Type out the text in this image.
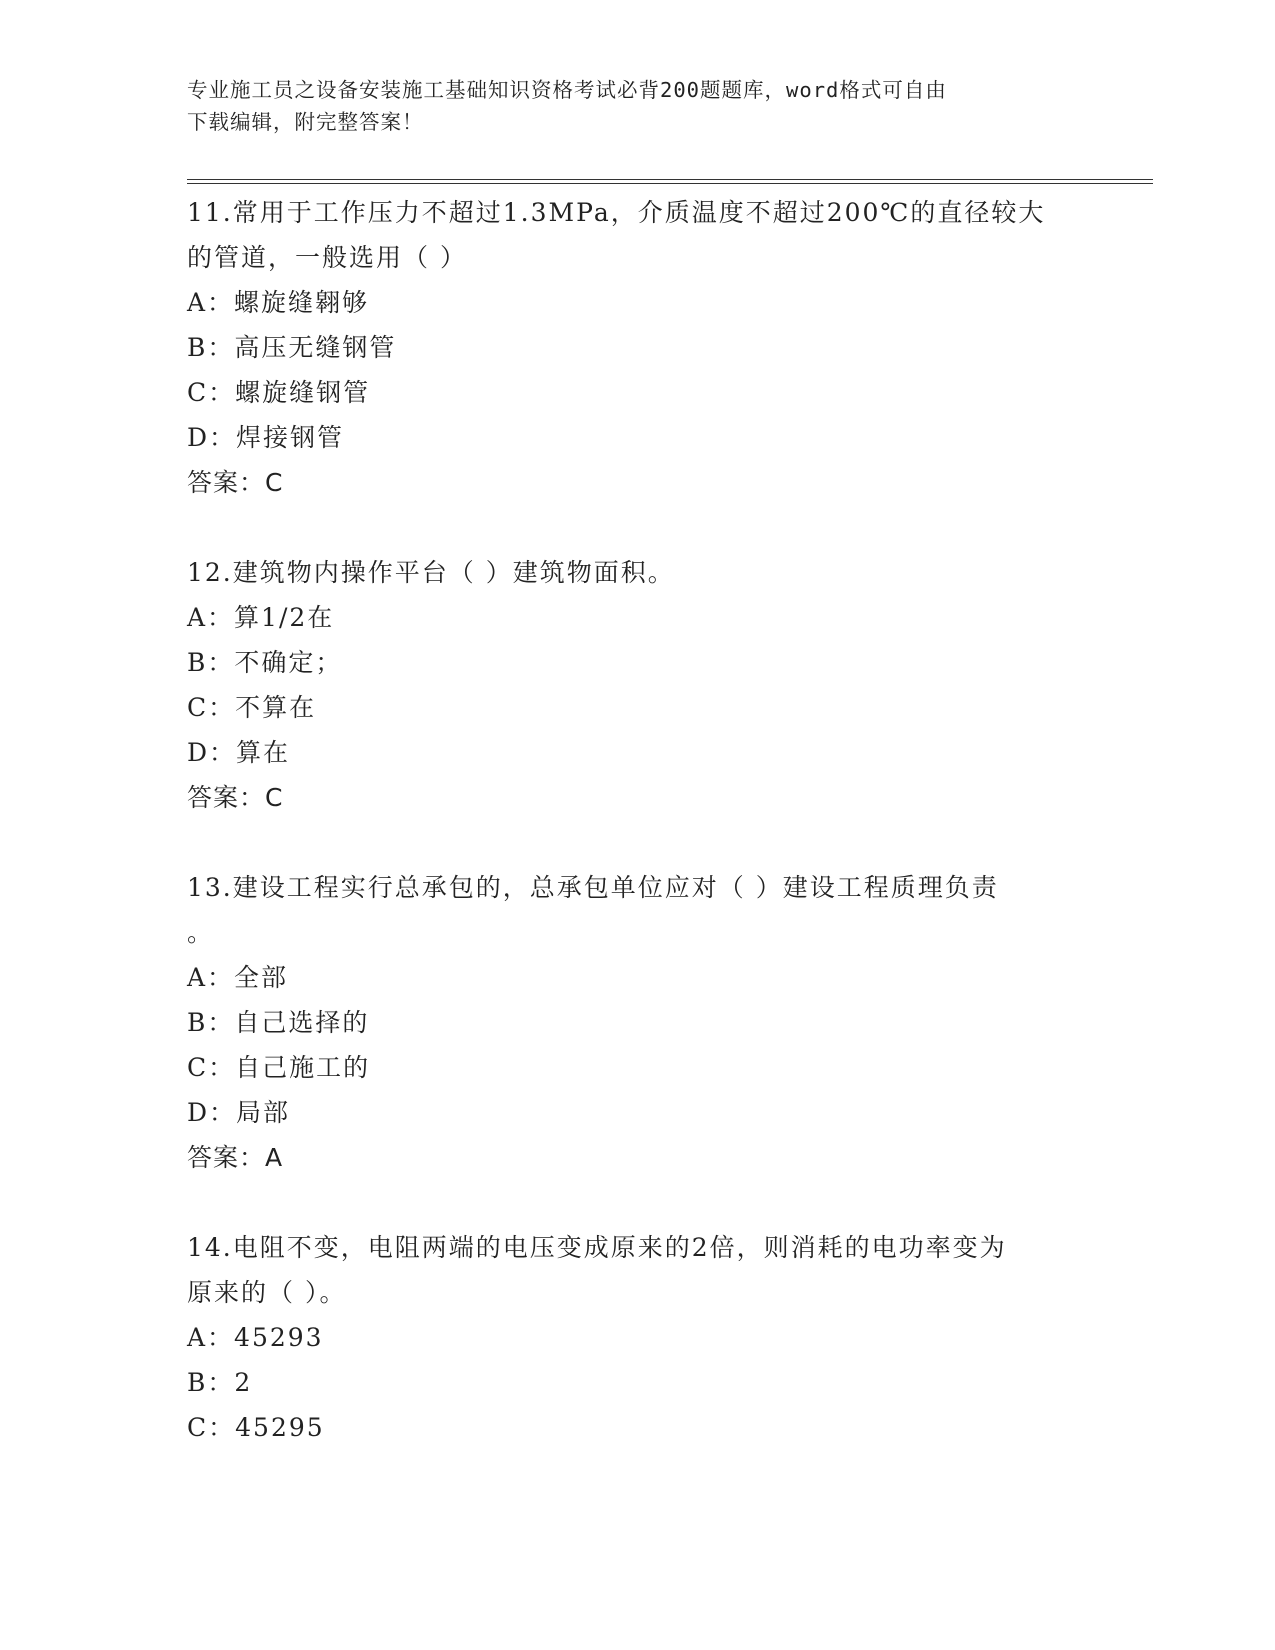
专业施工员之设备安装施工基础知识资格考试必背200题题库，word格式可自由
下载编辑，附完整答案！

11.常用于工作压力不超过1.3MPa，介质温度不超过200℃的直径较大

的管道，一般选用（ ）

A：螺旋缝翱够

B：高压无缝钢管

C：螺旋缝钢管

D：焊接钢管

答案：C

12.建筑物内操作平台（ ）建筑物面积。

A：算1/2在

B：不确定；

C：不算在

D：算在

答案：C

13.建设工程实行总承包的，总承包单位应对（ ）建设工程质理负责

。

A：全部

B：自己选择的

C：自己施工的

D：局部

答案：A

14.电阻不变，电阻两端的电压变成原来的2倍，则消耗的电功率变为

原来的（ ）。

A：45293

B：2

C：45295
